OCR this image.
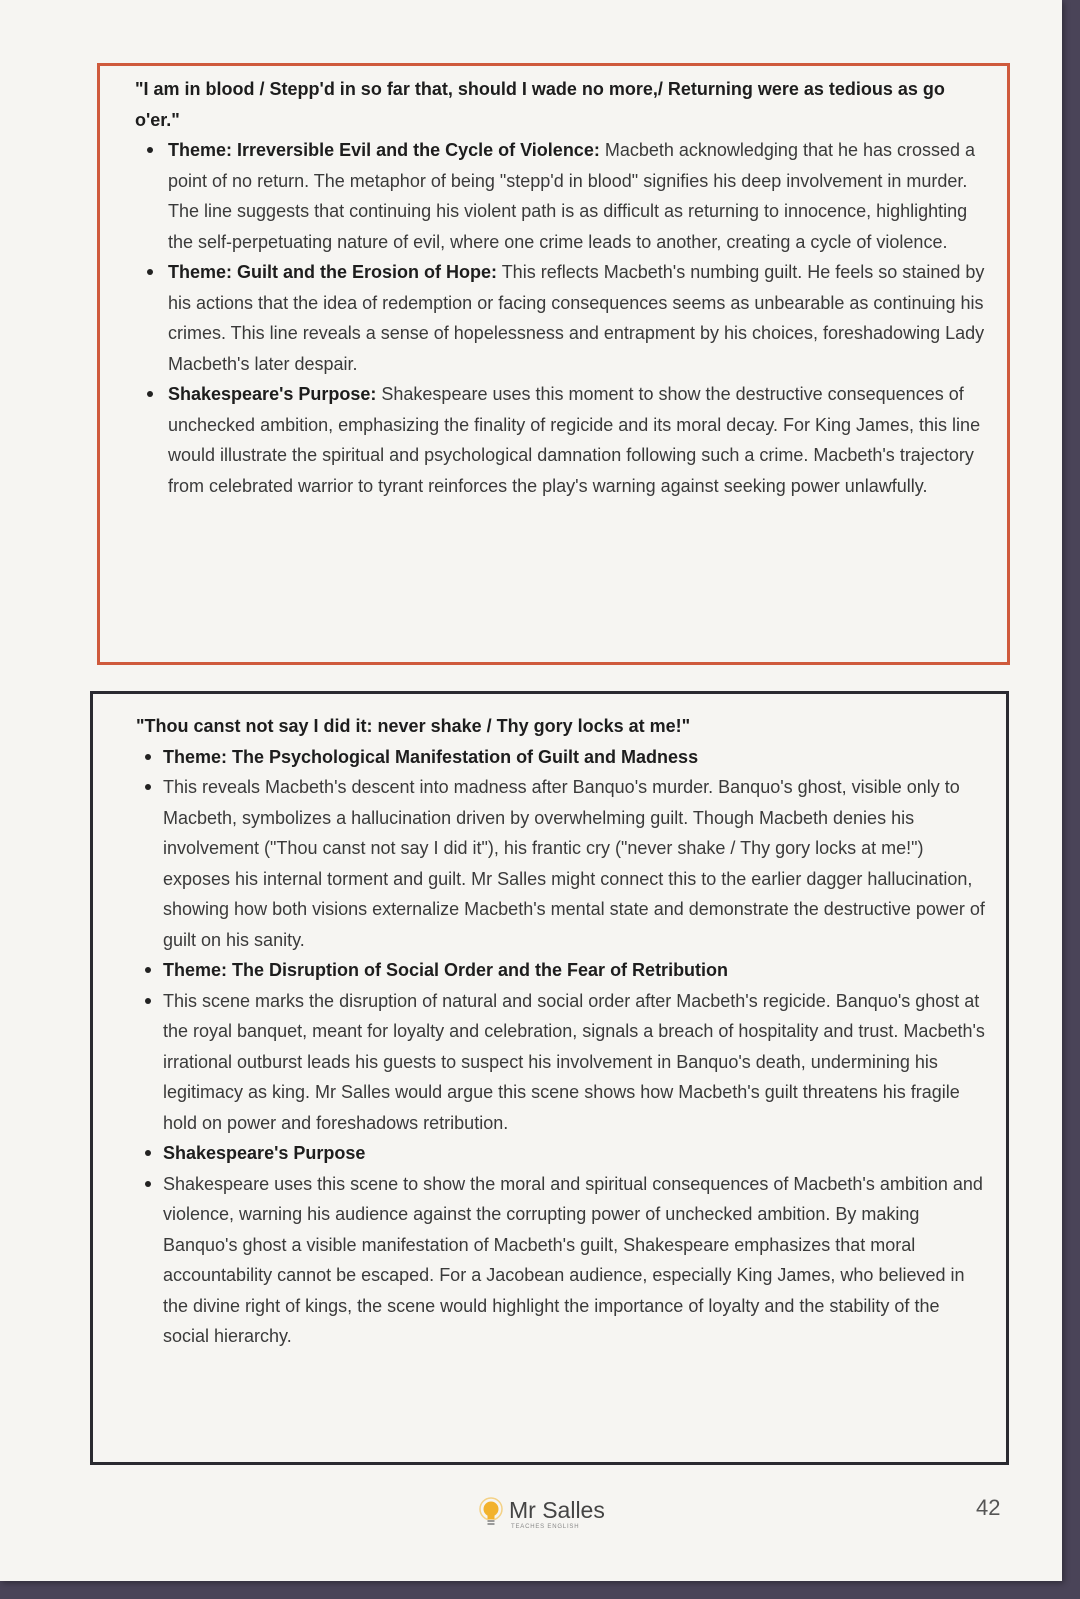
"I am in blood / Stepp'd in so far that, should I wade no more,/ Returning were as tedious as go o'er."

Theme: Irreversible Evil and the Cycle of Violence: Macbeth acknowledging that he has crossed a point of no return. The metaphor of being "stepp'd in blood" signifies his deep involvement in murder. The line suggests that continuing his violent path is as difficult as returning to innocence, highlighting the self-perpetuating nature of evil, where one crime leads to another, creating a cycle of violence.
Theme: Guilt and the Erosion of Hope: This reflects Macbeth's numbing guilt. He feels so stained by his actions that the idea of redemption or facing consequences seems as unbearable as continuing his crimes. This line reveals a sense of hopelessness and entrapment by his choices, foreshadowing Lady Macbeth's later despair.
Shakespeare's Purpose: Shakespeare uses this moment to show the destructive consequences of unchecked ambition, emphasizing the finality of regicide and its moral decay. For King James, this line would illustrate the spiritual and psychological damnation following such a crime. Macbeth's trajectory from celebrated warrior to tyrant reinforces the play's warning against seeking power unlawfully.

"Thou canst not say I did it: never shake / Thy gory locks at me!"

Theme: The Psychological Manifestation of Guilt and Madness
This reveals Macbeth's descent into madness after Banquo's murder. Banquo's ghost, visible only to Macbeth, symbolizes a hallucination driven by overwhelming guilt. Though Macbeth denies his involvement ("Thou canst not say I did it"), his frantic cry ("never shake / Thy gory locks at me!") exposes his internal torment and guilt. Mr Salles might connect this to the earlier dagger hallucination, showing how both visions externalize Macbeth's mental state and demonstrate the destructive power of guilt on his sanity.
Theme: The Disruption of Social Order and the Fear of Retribution
This scene marks the disruption of natural and social order after Macbeth's regicide. Banquo's ghost at the royal banquet, meant for loyalty and celebration, signals a breach of hospitality and trust. Macbeth's irrational outburst leads his guests to suspect his involvement in Banquo's death, undermining his legitimacy as king. Mr Salles would argue this scene shows how Macbeth's guilt threatens his fragile hold on power and foreshadows retribution.
Shakespeare's Purpose
Shakespeare uses this scene to show the moral and spiritual consequences of Macbeth's ambition and violence, warning his audience against the corrupting power of unchecked ambition. By making Banquo's ghost a visible manifestation of Macbeth's guilt, Shakespeare emphasizes that moral accountability cannot be escaped. For a Jacobean audience, especially King James, who believed in the divine right of kings, the scene would highlight the importance of loyalty and the stability of the social hierarchy.
Mr Salles
TEACHES ENGLISH
42
